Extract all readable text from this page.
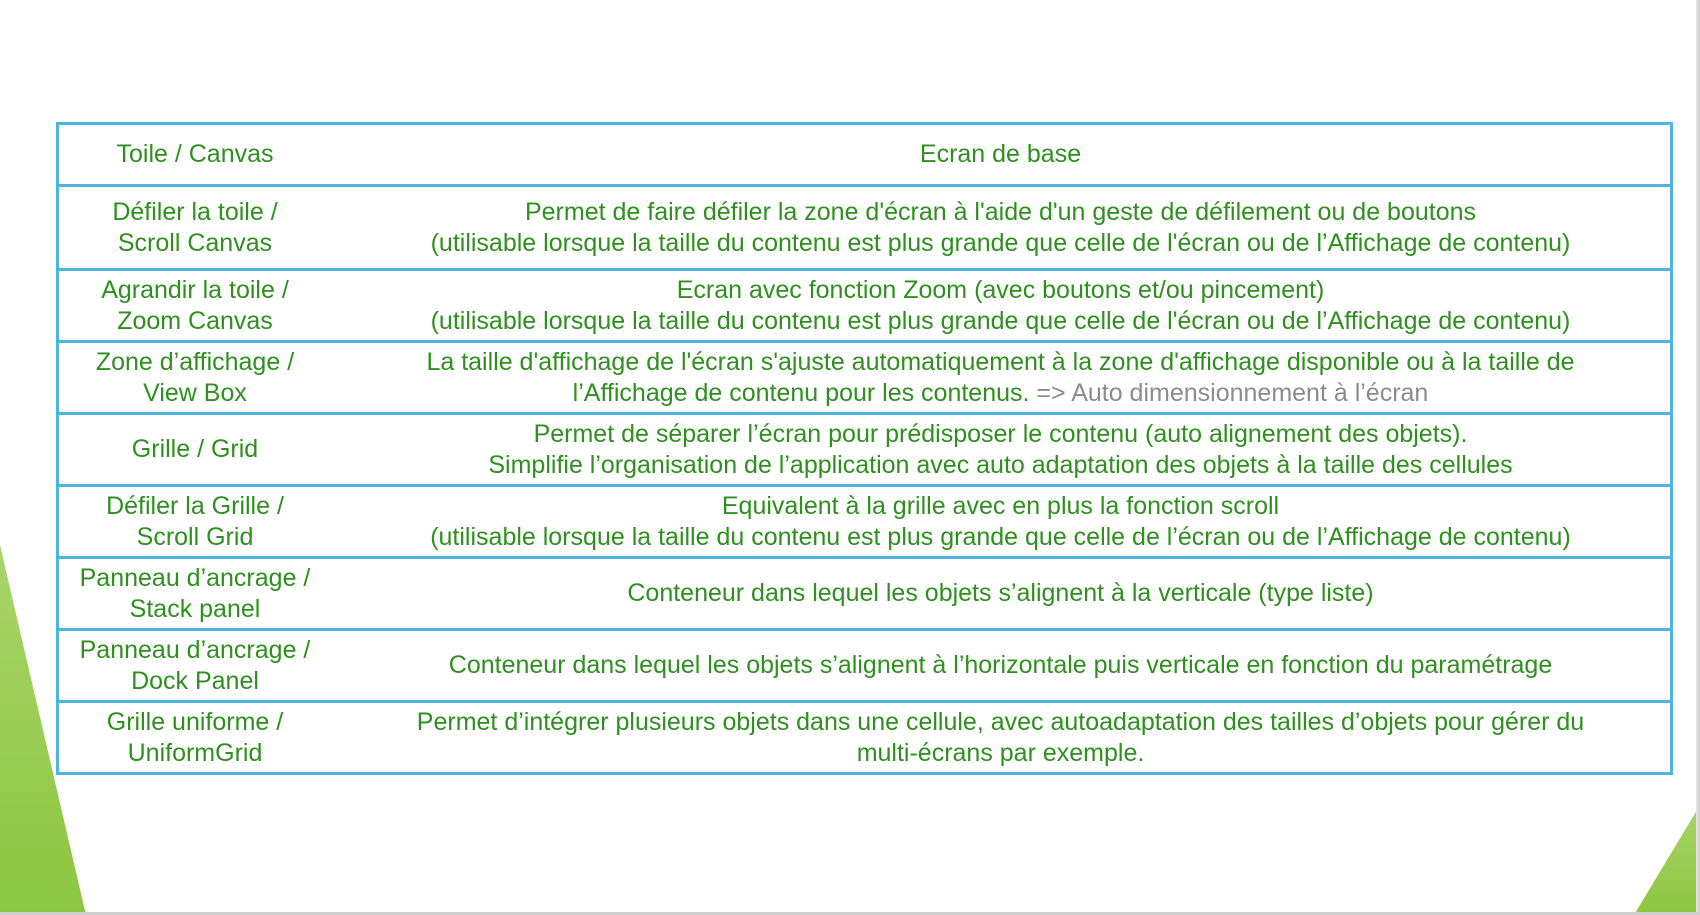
Toile / Canvas	Ecran de base

Défiler la toile /
Scroll Canvas	Permet de faire défiler la zone d'écran à l'aide d'un geste de défilement ou de boutons
(utilisable lorsque la taille du contenu est plus grande que celle de l'écran ou de l’Affichage de contenu)

Agrandir la toile /
Zoom Canvas	Ecran avec fonction Zoom (avec boutons et/ou pincement)
(utilisable lorsque la taille du contenu est plus grande que celle de l'écran ou de l’Affichage de contenu)

Zone d’affichage /
View Box	La taille d'affichage de l'écran s'ajuste automatiquement à la zone d'affichage disponible ou à la taille de
l’Affichage de contenu pour les contenus. => Auto dimensionnement à l’écran

Grille / Grid	Permet de séparer l’écran pour prédisposer le contenu (auto alignement des objets).
Simplifie l’organisation de l’application avec auto adaptation des objets à la taille des cellules

Défiler la Grille /
Scroll Grid	Equivalent à la grille avec en plus la fonction scroll
(utilisable lorsque la taille du contenu est plus grande que celle de l’écran ou de l’Affichage de contenu)

Panneau d’ancrage /
Stack panel	Conteneur dans lequel les objets s’alignent à la verticale (type liste)

Panneau d’ancrage /
Dock Panel	Conteneur dans lequel les objets s’alignent à l’horizontale puis verticale en fonction du paramétrage

Grille uniforme /
UniformGrid	Permet d’intégrer plusieurs objets dans une cellule, avec autoadaptation des tailles d’objets pour gérer du
multi-écrans par exemple.
